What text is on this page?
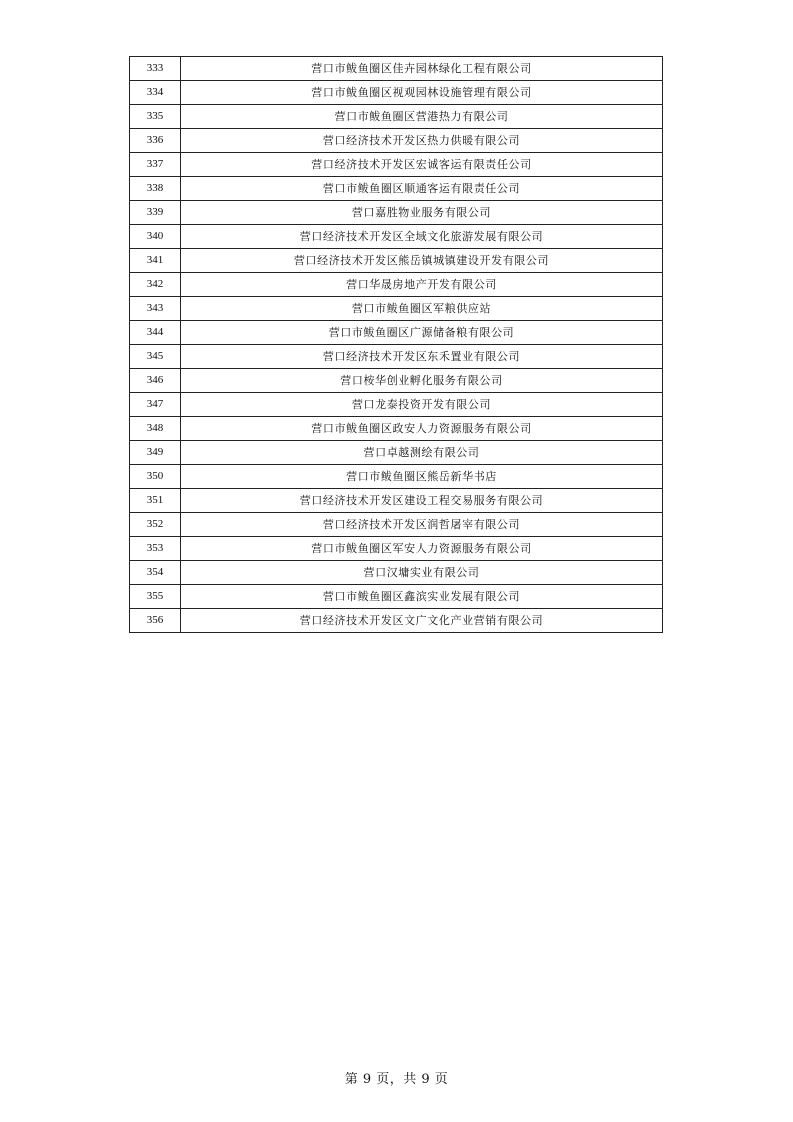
333	营口市鲅鱼圈区佳卉园林绿化工程有限公司
334	营口市鲅鱼圈区视观园林设施管理有限公司
335	营口市鲅鱼圈区营港热力有限公司
336	营口经济技术开发区热力供暖有限公司
337	营口经济技术开发区宏诚客运有限责任公司
338	营口市鲅鱼圈区顺通客运有限责任公司
339	营口嘉胜物业服务有限公司
340	营口经济技术开发区全域文化旅游发展有限公司
341	营口经济技术开发区熊岳镇城镇建设开发有限公司
342	营口华晟房地产开发有限公司
343	营口市鲅鱼圈区军粮供应站
344	营口市鲅鱼圈区广源储备粮有限公司
345	营口经济技术开发区东禾置业有限公司
346	营口桉华创业孵化服务有限公司
347	营口龙泰投资开发有限公司
348	营口市鲅鱼圈区政安人力资源服务有限公司
349	营口卓越测绘有限公司
350	营口市鲅鱼圈区熊岳新华书店
351	营口经济技术开发区建设工程交易服务有限公司
352	营口经济技术开发区润哲屠宰有限公司
353	营口市鲅鱼圈区军安人力资源服务有限公司
354	营口汉墉实业有限公司
355	营口市鲅鱼圈区鑫滨实业发展有限公司
356	营口经济技术开发区文广文化产业营销有限公司
第 9 页，共 9 页
